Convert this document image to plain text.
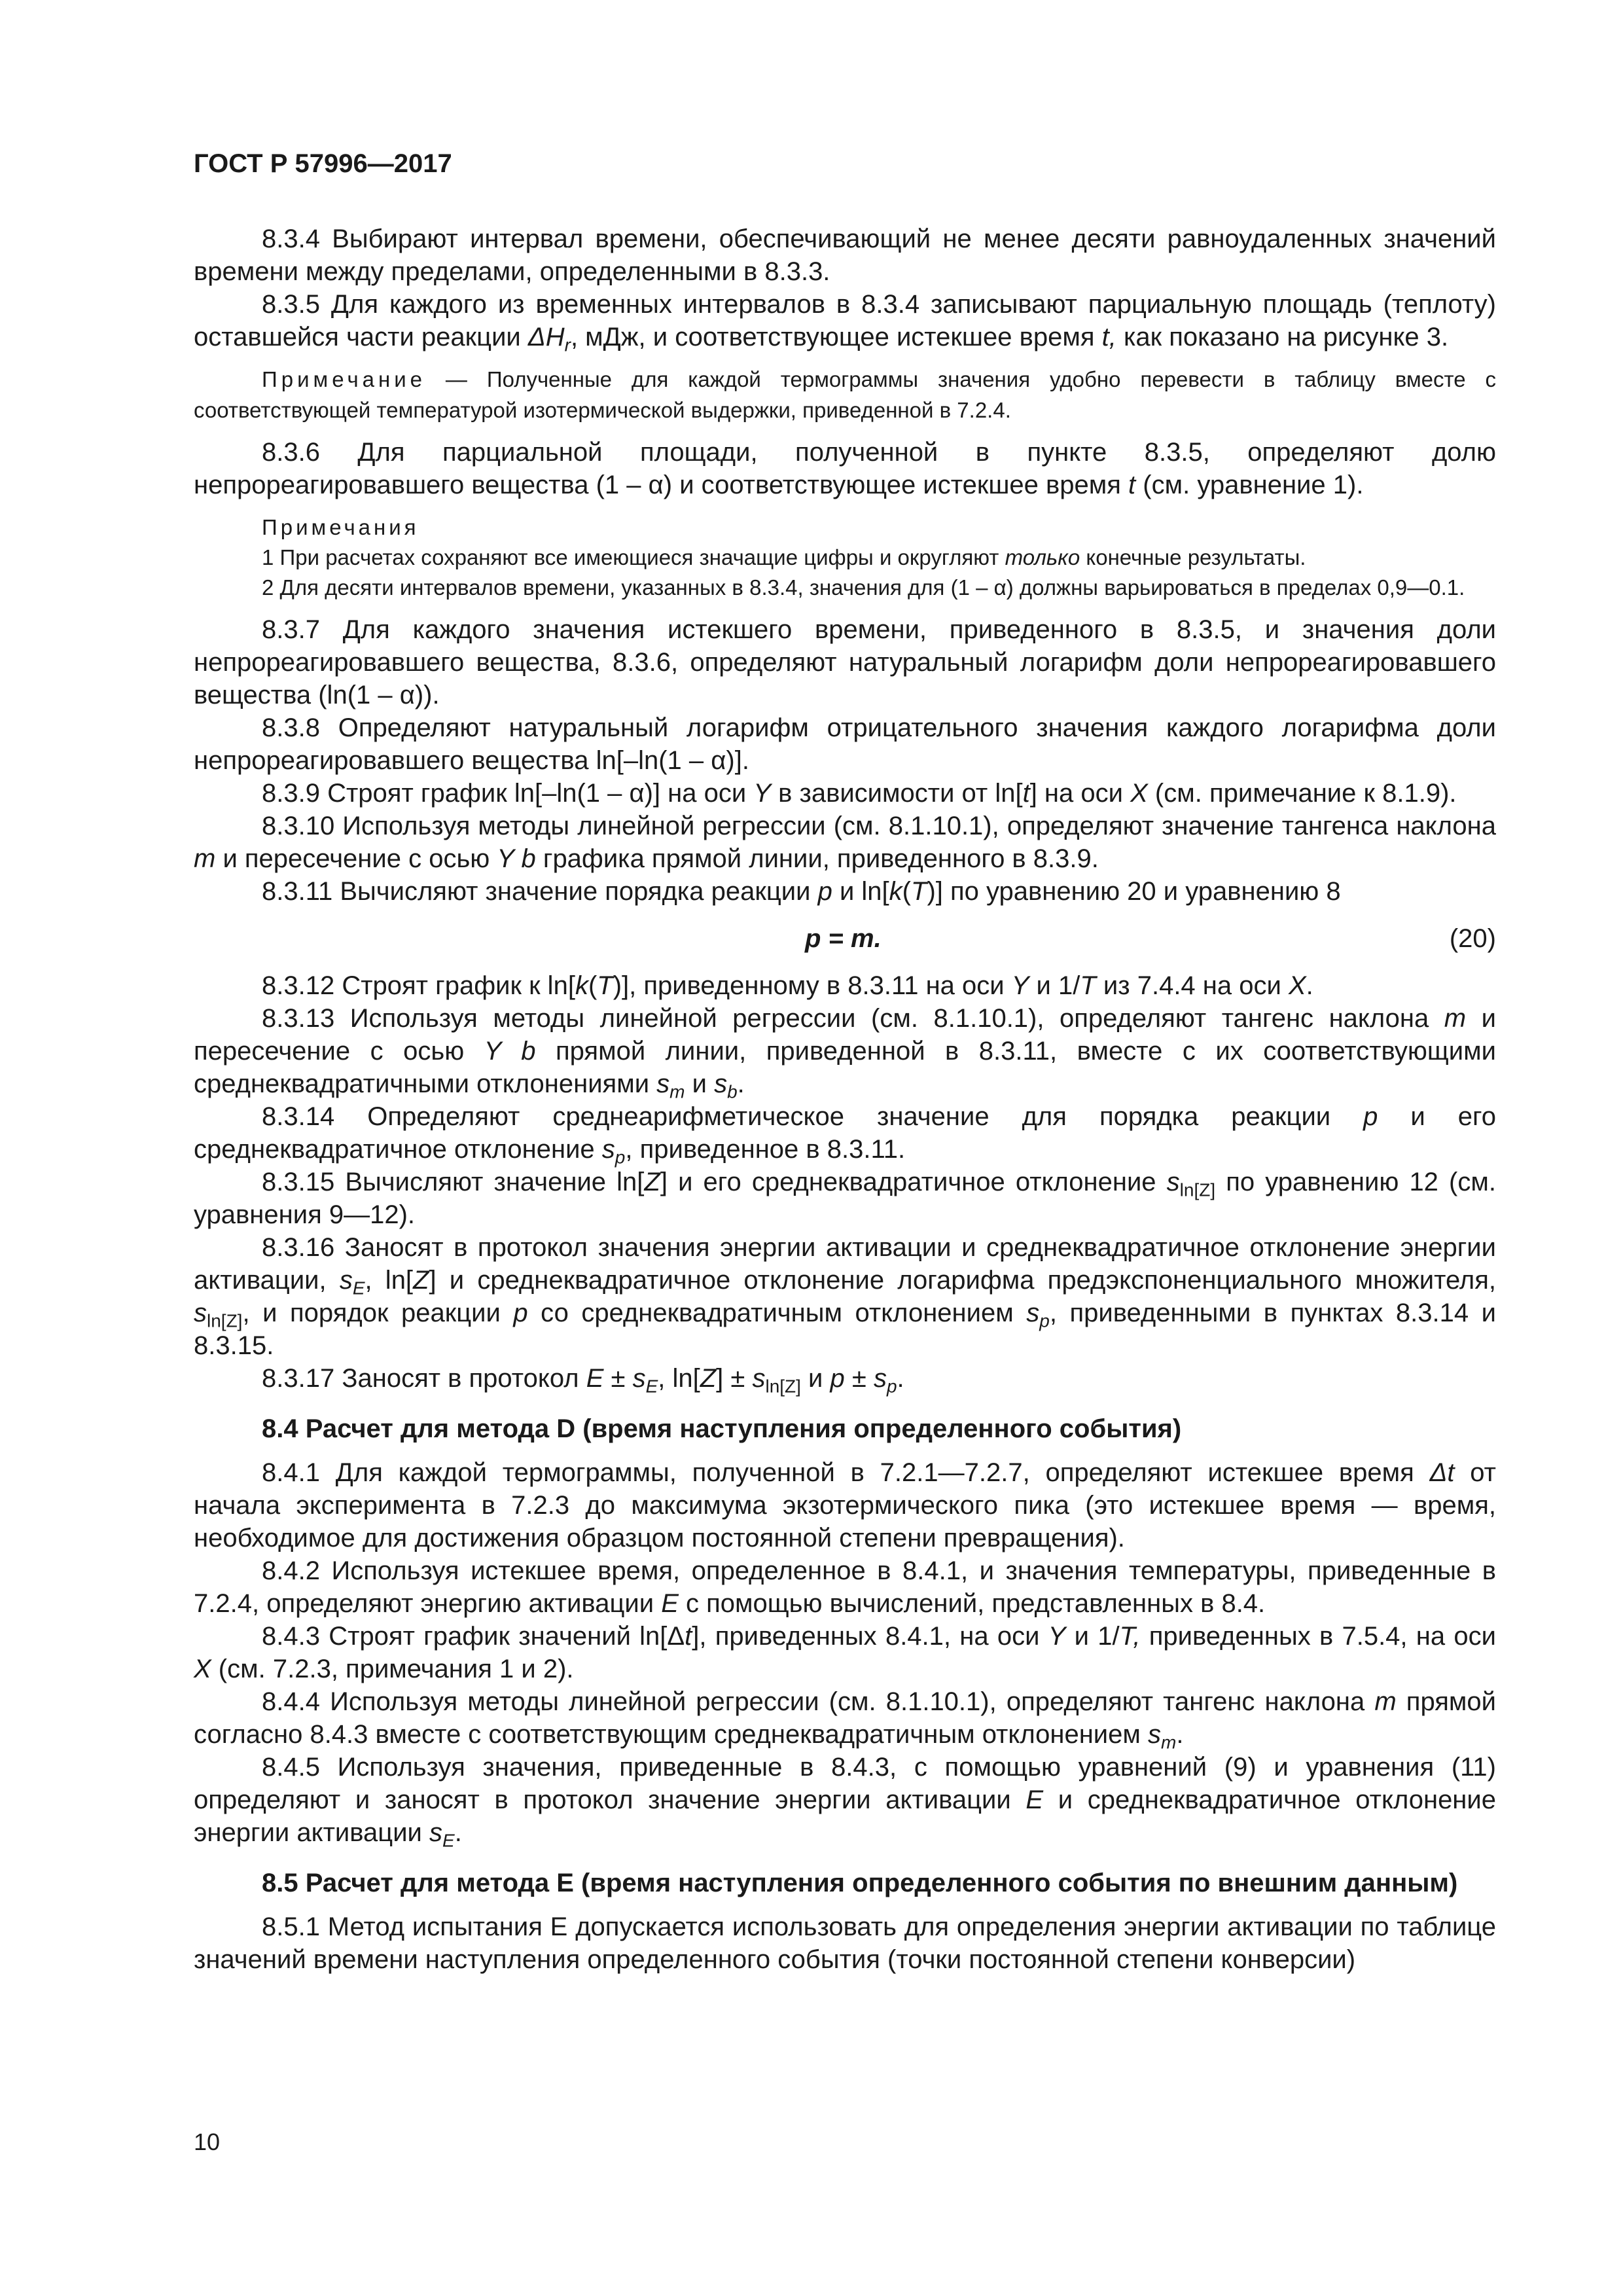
ГОСТ Р 57996—2017

8.3.4 Выбирают интервал времени, обеспечивающий не менее десяти равноудаленных значений времени между пределами, определенными в 8.3.3.

8.3.5 Для каждого из временных интервалов в 8.3.4 записывают парциальную площадь (теплоту) оставшейся части реакции $\Delta H_r$, мДж, и соответствующее истекшее время t, как показано на рисунке 3.

Примечание — Полученные для каждой термограммы значения удобно перевести в таблицу вместе с соответствующей температурой изотермической выдержки, приведенной в 7.2.4.

8.3.6 Для парциальной площади, полученной в пункте 8.3.5, определяют долю непрореагировавшего вещества (1 – α) и соответствующее истекшее время t (см. уравнение 1).

Примечания

1 При расчетах сохраняют все имеющиеся значащие цифры и округляют только конечные результаты.

2 Для десяти интервалов времени, указанных в 8.3.4, значения для (1 – α) должны варьироваться в пределах 0,9—0.1.

8.3.7 Для каждого значения истекшего времени, приведенного в 8.3.5, и значения доли непрореагировавшего вещества, 8.3.6, определяют натуральный логарифм доли непрореагировавшего вещества (ln(1 – α)).

8.3.8 Определяют натуральный логарифм отрицательного значения каждого логарифма доли непрореагировавшего вещества ln[–ln(1 – α)].

8.3.9 Строят график ln[–ln(1 – α)] на оси Y в зависимости от ln[t] на оси X (см. примечание к 8.1.9).

8.3.10 Используя методы линейной регрессии (см. 8.1.10.1), определяют значение тангенса наклона m и пересечение с осью Y b графика прямой линии, приведенного в 8.3.9.

8.3.11 Вычисляют значение порядка реакции p и ln[k(T)] по уравнению 20 и уравнению 8

p = m.	(20)

8.3.12 Строят график к ln[k(T)], приведенному в 8.3.11 на оси Y и 1/T из 7.4.4 на оси X.

8.3.13 Используя методы линейной регрессии (см. 8.1.10.1), определяют тангенс наклона m и пересечение с осью Y b прямой линии, приведенной в 8.3.11, вместе с их соответствующими среднеквадратичными отклонениями $s_m$ и $s_b$.

8.3.14 Определяют среднеарифметическое значение для порядка реакции p и его среднеквадратичное отклонение $s_p$, приведенное в 8.3.11.

8.3.15 Вычисляют значение ln[Z] и его среднеквадратичное отклонение $s_{ln[Z]}$ по уравнению 12 (см. уравнения 9—12).

8.3.16 Заносят в протокол значения энергии активации и среднеквадратичное отклонение энергии активации, $s_E$, ln[Z] и среднеквадратичное отклонение логарифма предэкспоненциального множителя, $s_{ln[Z]}$, и порядок реакции p со среднеквадратичным отклонением $s_p$, приведенными в пунктах 8.3.14 и 8.3.15.

8.3.17 Заносят в протокол $E \pm s_E$, $\ln[Z] \pm s_{ln[Z]}$ и $p \pm s_p$.

8.4 Расчет для метода D (время наступления определенного события)

8.4.1 Для каждой термограммы, полученной в 7.2.1—7.2.7, определяют истекшее время Δt от начала эксперимента в 7.2.3 до максимума экзотермического пика (это истекшее время — время, необходимое для достижения образцом постоянной степени превращения).

8.4.2 Используя истекшее время, определенное в 8.4.1, и значения температуры, приведенные в 7.2.4, определяют энергию активации E с помощью вычислений, представленных в 8.4.

8.4.3 Строят график значений ln[Δt], приведенных 8.4.1, на оси Y и 1/T, приведенных в 7.5.4, на оси X (см. 7.2.3, примечания 1 и 2).

8.4.4 Используя методы линейной регрессии (см. 8.1.10.1), определяют тангенс наклона m прямой согласно 8.4.3 вместе с соответствующим среднеквадратичным отклонением $s_m$.

8.4.5 Используя значения, приведенные в 8.4.3, с помощью уравнений (9) и уравнения (11) определяют и заносят в протокол значение энергии активации E и среднеквадратичное отклонение энергии активации $s_E$.

8.5 Расчет для метода Е (время наступления определенного события по внешним данным)

8.5.1 Метод испытания Е допускается использовать для определения энергии активации по таблице значений времени наступления определенного события (точки постоянной степени конверсии)

10
